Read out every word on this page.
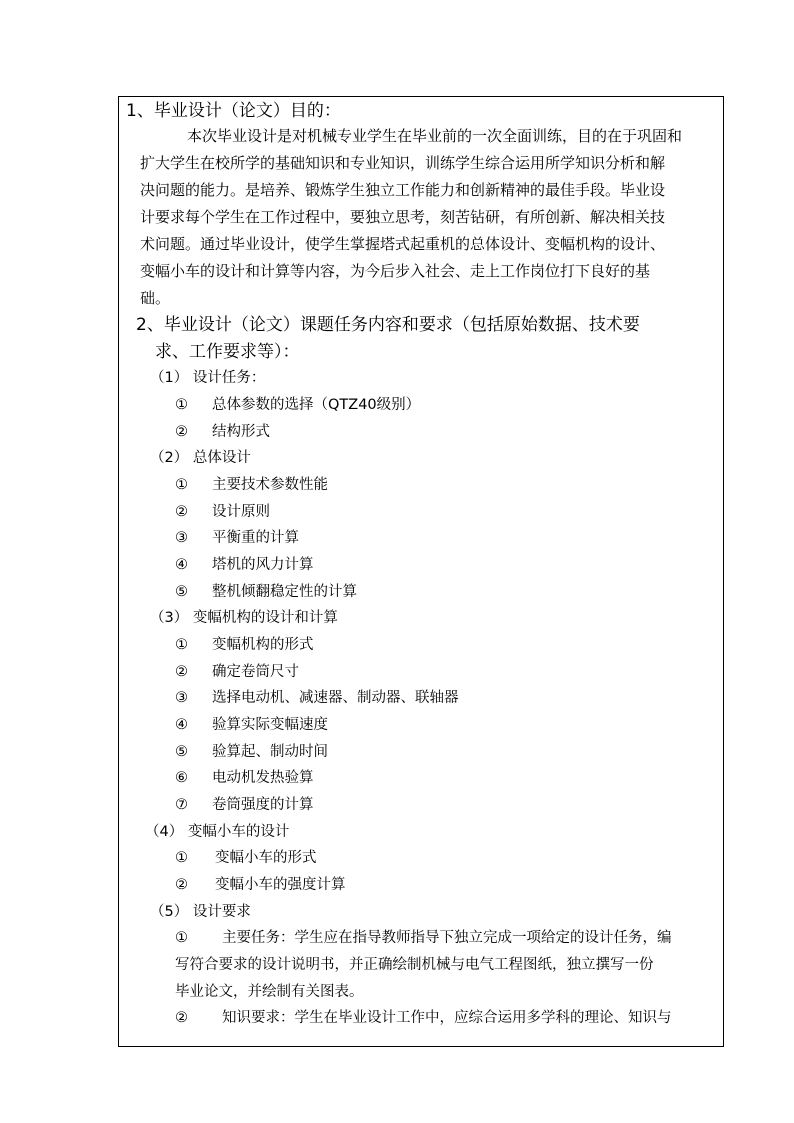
1、毕业设计（论文）目的：
本次毕业设计是对机械专业学生在毕业前的一次全面训练，目的在于巩固和
扩大学生在校所学的基础知识和专业知识，训练学生综合运用所学知识分析和解
决问题的能力。是培养、锻炼学生独立工作能力和创新精神的最佳手段。毕业设
计要求每个学生在工作过程中，要独立思考，刻苦钻研，有所创新、解决相关技
术问题。通过毕业设计，使学生掌握塔式起重机的总体设计、变幅机构的设计、
变幅小车的设计和计算等内容，为今后步入社会、走上工作岗位打下良好的基
础。
2、毕业设计（论文）课题任务内容和要求（包括原始数据、技术要
求、工作要求等）：
（1） 设计任务：
① 总体参数的选择（QTZ40级别）
② 结构形式
（2） 总体设计
① 主要技术参数性能
② 设计原则
③ 平衡重的计算
④ 塔机的风力计算
⑤ 整机倾翻稳定性的计算
（3） 变幅机构的设计和计算
① 变幅机构的形式
② 确定卷筒尺寸
③ 选择电动机、减速器、制动器、联轴器
④ 验算实际变幅速度
⑤ 验算起、制动时间
⑥ 电动机发热验算
⑦ 卷筒强度的计算
（4） 变幅小车的设计
① 变幅小车的形式
② 变幅小车的强度计算
（5） 设计要求
① 主要任务：学生应在指导教师指导下独立完成一项给定的设计任务，编
写符合要求的设计说明书，并正确绘制机械与电气工程图纸，独立撰写一份
毕业论文，并绘制有关图表。
② 知识要求：学生在毕业设计工作中，应综合运用多学科的理论、知识与
